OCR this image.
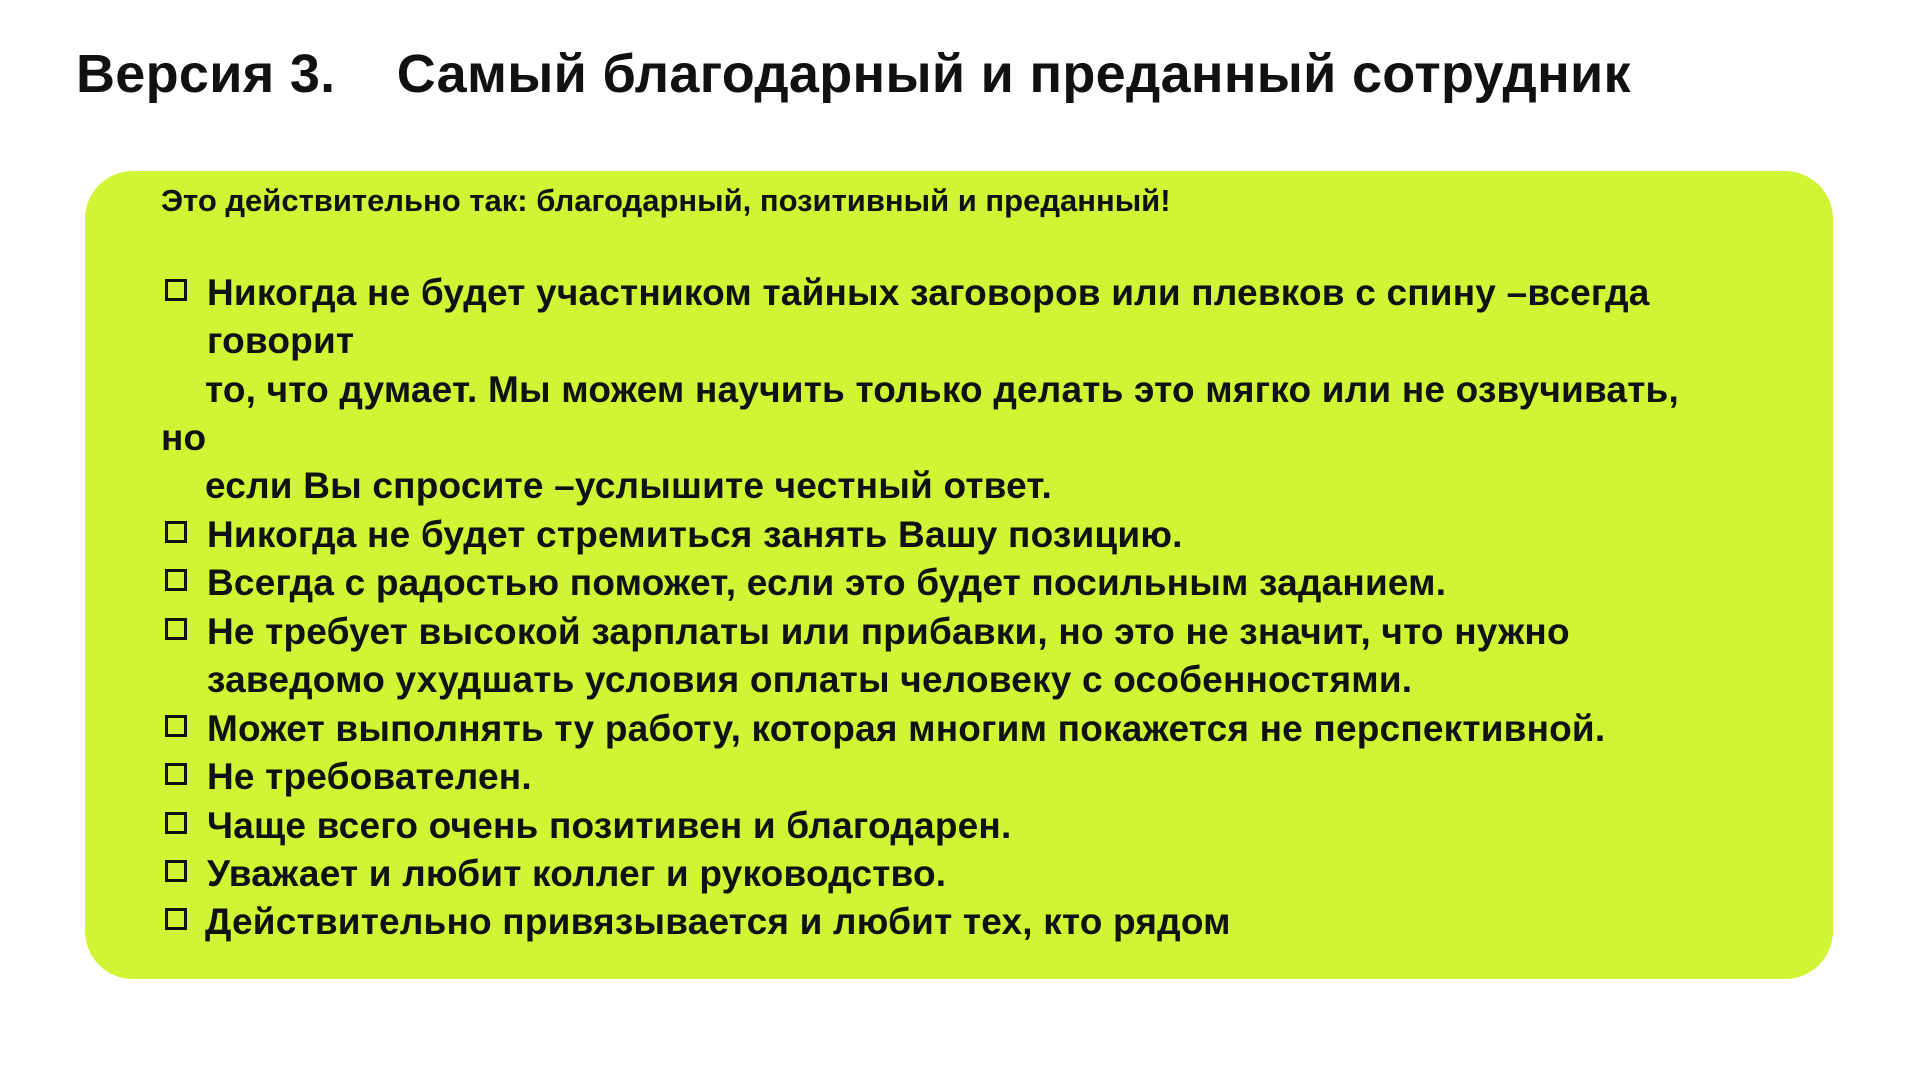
Версия 3.    Самый благодарный и преданный сотрудник

Это действительно так: благодарный, позитивный и преданный!

Никогда не будет участником тайных заговоров или плевков с спину –всегда

говорит

то, что думает. Мы можем научить только делать это мягко или не озвучивать,

но

если Вы спросите –услышите честный ответ.

Никогда не будет стремиться занять Вашу позицию.

Всегда с радостью поможет, если это будет посильным заданием.

Не требует высокой зарплаты или прибавки, но это не значит, что нужно

заведомо ухудшать условия оплаты человеку с особенностями.

Может выполнять ту работу, которая многим покажется не перспективной.

Не требователен.

Чаще всего очень позитивен и благодарен.

Уважает и любит коллег и руководство.

Действительно привязывается и любит тех, кто рядом
